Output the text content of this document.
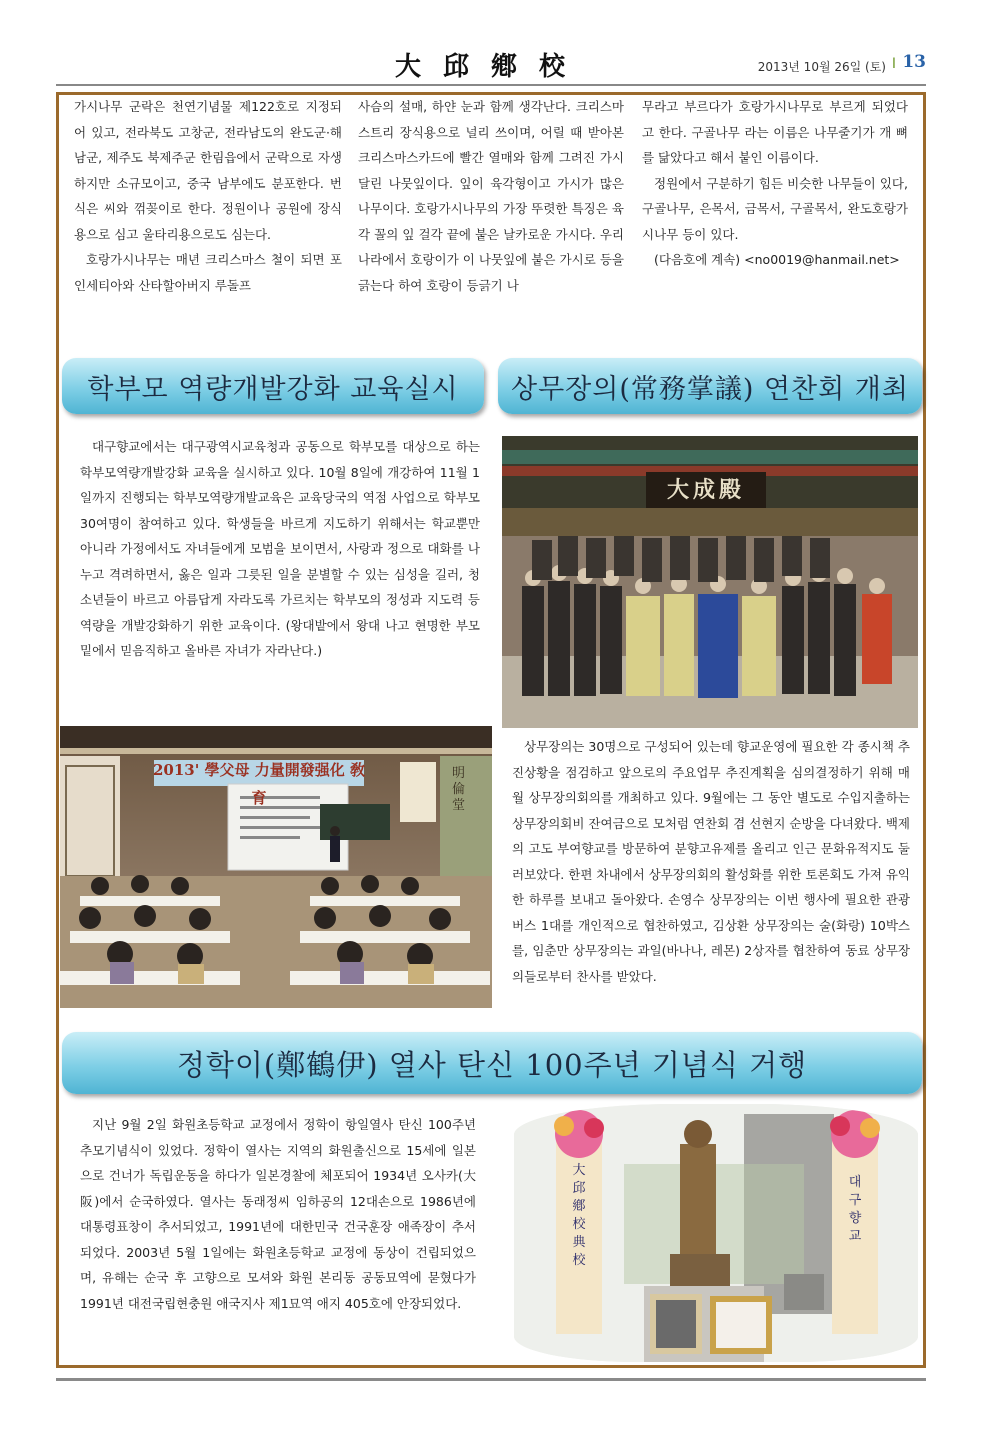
大邱鄕校	2013년 10월 26일 (토) I 13

가시나무 군락은 천연기념물 제122호로 지정되어 있고, 전라북도 고창군, 전라남도의 완도군·해남군, 제주도 북제주군 한림읍에서 군락으로 자생하지만 소규모이고, 중국 남부에도 분포한다. 번식은 씨와 꺾꽂이로 한다. 정원이나 공원에 장식용으로 심고 울타리용으로도 심는다.

호랑가시나무는 매년 크리스마스 철이 되면 포인세티아와 산타할아버지 루돌프

사슴의 설매, 하얀 눈과 함께 생각난다. 크리스마스트리 장식용으로 널리 쓰이며, 어릴 때 받아본 크리스마스카드에 빨간 열매와 함께 그려진 가시달린 나뭇잎이다. 잎이 육각형이고 가시가 많은 나무이다. 호랑가시나무의 가장 뚜렷한 특징은 육각 꼴의 잎 걸각 끝에 붙은 날카로운 가시다. 우리나라에서 호랑이가 이 나뭇잎에 붙은 가시로 등을 긁는다 하여 호랑이 등긁기 나

무라고 부르다가 호랑가시나무로 부르게 되었다고 한다. 구골나무 라는 이름은 나무줄기가 개 뼈를 닮았다고 해서 붙인 이름이다.

정원에서 구분하기 힘든 비슷한 나무들이 있다, 구골나무, 은목서, 금목서, 구골목서, 완도호랑가시나무 등이 있다.

(다음호에 계속) <no0019@hanmail.net>

학부모 역량개발강화 교육실시	상무장의(常務掌議) 연찬회 개최

대구향교에서는 대구광역시교육청과 공동으로 학부모를 대상으로 하는 학부모역량개발강화 교육을 실시하고 있다. 10월 8일에 개강하여 11월 1일까지 진행되는 학부모역량개발교육은 교육당국의 역점 사업으로 학부모 30여명이 참여하고 있다. 학생들을 바르게 지도하기 위해서는 학교뿐만 아니라 가정에서도 자녀들에게 모범을 보이면서, 사랑과 정으로 대화를 나누고 격려하면서, 옳은 일과 그릇된 일을 분별할 수 있는 심성을 길러, 청소년들이 바르고 아름답게 자라도록 가르치는 학부모의 정성과 지도력 등 역량을 개발강화하기 위한 교육이다. (왕대밭에서 왕대 나고 현명한 부모 밑에서 믿음직하고 올바른 자녀가 자라난다.)

2013' 學父母 力量開發强化 敎育
明倫堂
大成殿

상무장의는 30명으로 구성되어 있는데 향교운영에 필요한 각 종시책 추진상황을 점검하고 앞으로의 주요업무 추진계획을 심의결정하기 위해 매월 상무장의회의를 개최하고 있다. 9월에는 그 동안 별도로 수입지출하는 상무장의회비 잔여금으로 모처럼 연찬회 겸 선현지 순방을 다녀왔다. 백제의 고도 부여향교를 방문하여 분향고유제를 올리고 인근 문화유적지도 둘러보았다. 한편 차내에서 상무장의회의 활성화를 위한 토론회도 가져 유익한 하루를 보내고 돌아왔다. 손영수 상무장의는 이번 행사에 필요한 관광버스 1대를 개인적으로 협찬하였고, 김상환 상무장의는 술(화랑) 10박스를, 임춘만 상무장의는 과일(바나나, 레몬) 2상자를 협찬하여 동료 상무장의들로부터 찬사를 받았다.

정학이(鄭鶴伊) 열사 탄신 100주년 기념식 거행

지난 9월 2일 화원초등학교 교정에서 정학이 항일열사 탄신 100주년 추모기념식이 있었다. 정학이 열사는 지역의 화원출신으로 15세에 일본으로 건너가 독립운동을 하다가 일본경찰에 체포되어 1934년 오사카(大阪)에서 순국하였다. 열사는 동래정씨 임하공의 12대손으로 1986년에 대통령표창이 추서되었고, 1991년에 대한민국 건국훈장 애족장이 추서되었다. 2003년 5월 1일에는 화원초등학교 교정에 동상이 건립되었으며, 유해는 순국 후 고향으로 모셔와 화원 본리동 공동묘역에 묻혔다가 1991년 대전국립현충원 애국지사 제1묘역 애지 405호에 안장되었다.

大邱鄕校典校
대구향교
